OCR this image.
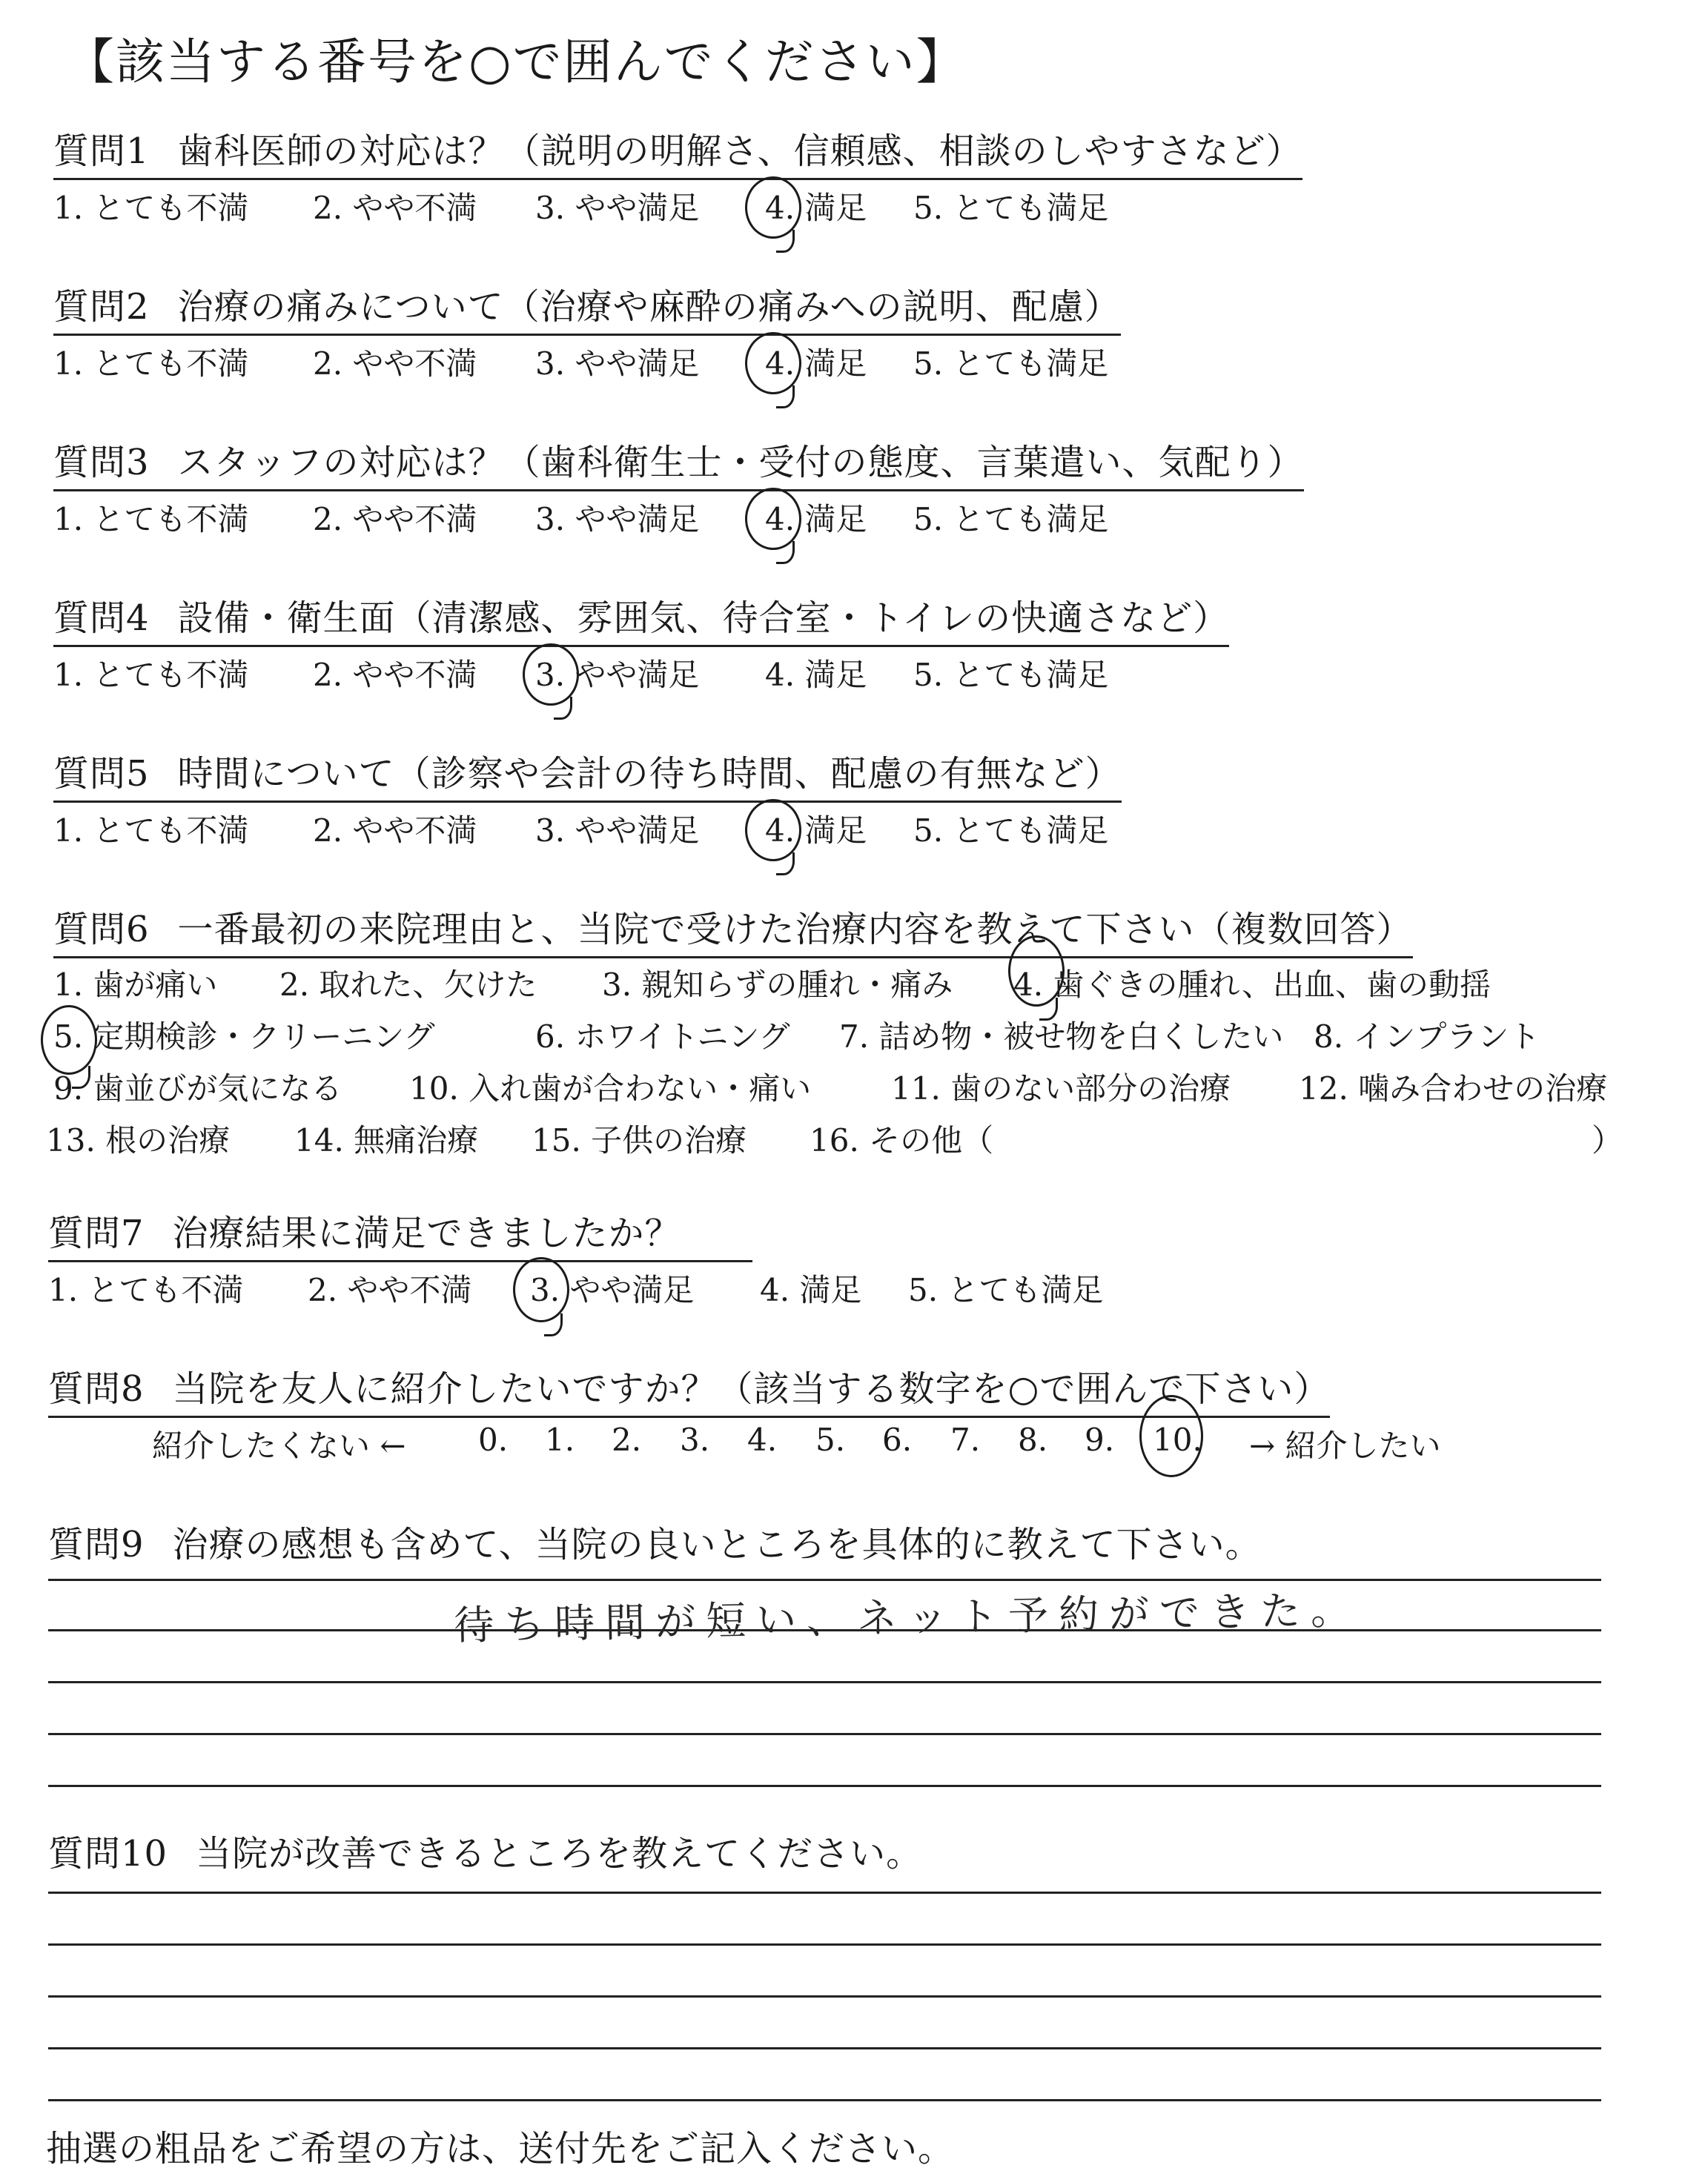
【該当する番号を○で囲んでください】
質問1 歯科医師の対応は？（説明の明解さ、信頼感、相談のしやすさなど）
1. とても不満 2. やや不満 3. やや満足 4. 満足 5. とても満足
質問2 治療の痛みについて（治療や麻酔の痛みへの説明、配慮）
1. とても不満 2. やや不満 3. やや満足 4. 満足 5. とても満足
質問3 スタッフの対応は？（歯科衛生士・受付の態度、言葉遣い、気配り）
1. とても不満 2. やや不満 3. やや満足 4. 満足 5. とても満足
質問4 設備・衛生面（清潔感、雰囲気、待合室・トイレの快適さなど）
1. とても不満 2. やや不満 3. やや満足 4. 満足 5. とても満足
質問5 時間について（診察や会計の待ち時間、配慮の有無など）
1. とても不満 2. やや不満 3. やや満足 4. 満足 5. とても満足
質問6 一番最初の来院理由と、当院で受けた治療内容を教えて下さい（複数回答）
1. 歯が痛い 2. 取れた、欠けた 3. 親知らずの腫れ・痛み 4. 歯ぐきの腫れ、出血、歯の動揺
5. 定期検診・クリーニング	6. ホワイトニング 7. 詰め物・被せ物を白くしたい 8. インプラント
9. 歯並びが気になる 10. 入れ歯が合わない・痛い	11. 歯のない部分の治療 12. 噛み合わせの治療
13. 根の治療 14. 無痛治療 15. 子供の治療 16. その他（	）
質問7 治療結果に満足できましたか？
1. とても不満 2. やや不満 3. やや満足 4. 満足 5. とても満足
質問8 当院を友人に紹介したいですか？（該当する数字を○で囲んで下さい）
紹介したくない ← 0. 1. 2. 3. 4. 5. 6. 7. 8. 9. 10. → 紹介したい
質問9 治療の感想も含めて、当院の良いところを具体的に教えて下さい。
待ち時間が短い、ネット予約ができた。
質問10 当院が改善できるところを教えてください。
抽選の粗品をご希望の方は、送付先をご記入ください。
